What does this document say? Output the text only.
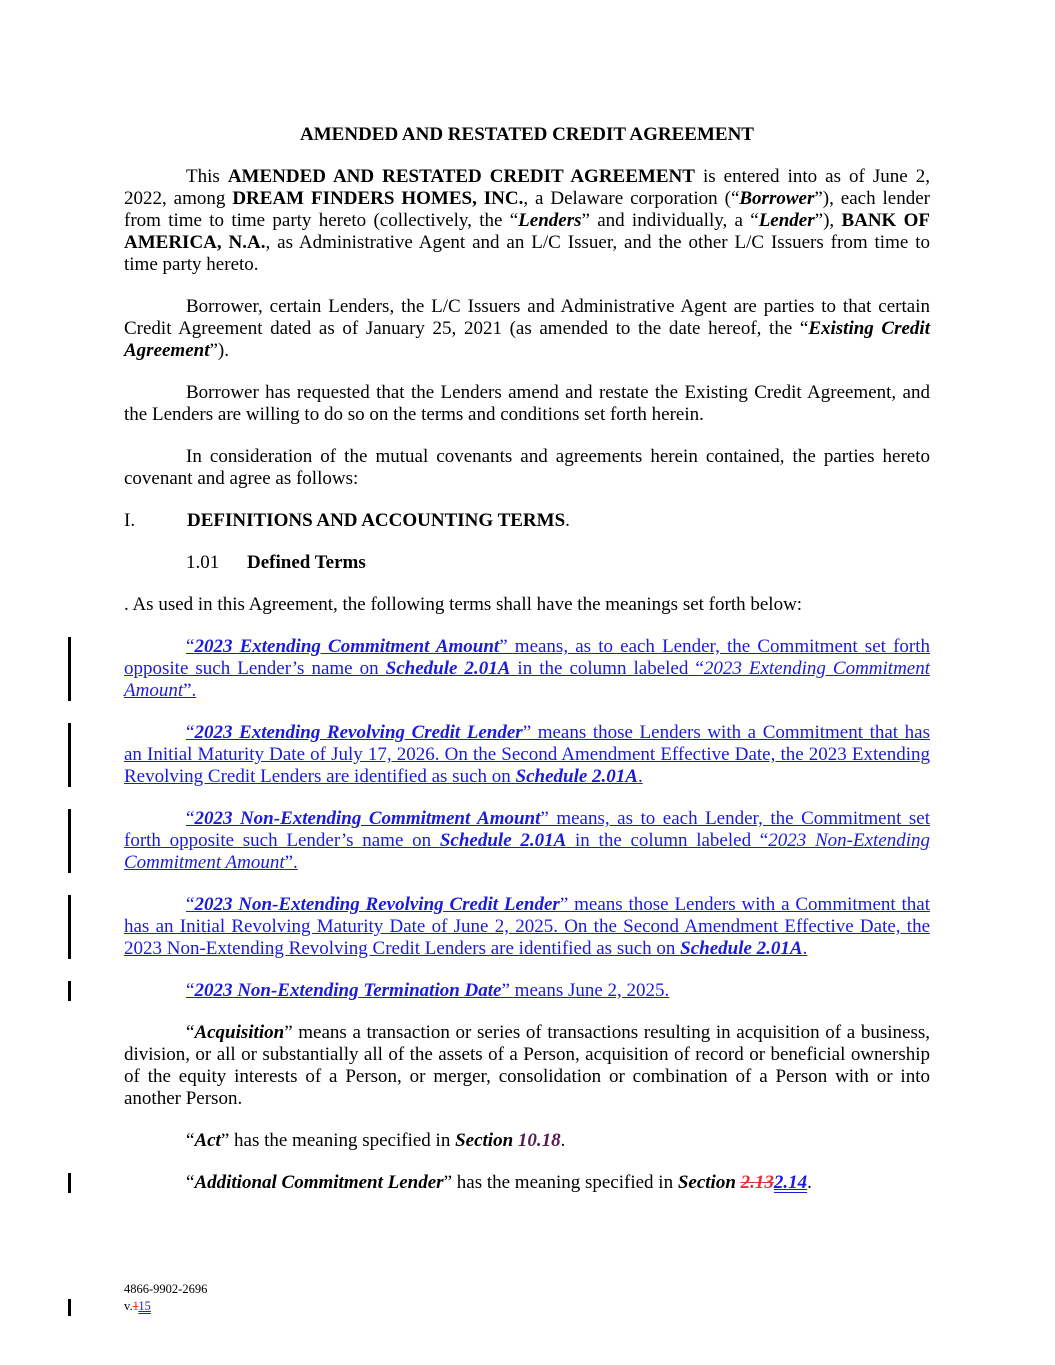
AMENDED AND RESTATED CREDIT AGREEMENT

This AMENDED AND RESTATED CREDIT AGREEMENT is entered into as of June 2, 2022, among DREAM FINDERS HOMES, INC., a Delaware corporation (“Borrower”), each lender from time to time party hereto (collectively, the “Lenders” and individually, a “Lender”), BANK OF AMERICA, N.A., as Administrative Agent and an L/C Issuer, and the other L/C Issuers from time to time party hereto.

Borrower, certain Lenders, the L/C Issuers and Administrative Agent are parties to that certain Credit Agreement dated as of January 25, 2021 (as amended to the date hereof, the “Existing Credit Agreement”).

Borrower has requested that the Lenders amend and restate the Existing Credit Agreement, and the Lenders are willing to do so on the terms and conditions set forth herein.

In consideration of the mutual covenants and agreements herein contained, the parties hereto covenant and agree as follows:

I.	DEFINITIONS AND ACCOUNTING TERMS.

1.01 Defined Terms

. As used in this Agreement, the following terms shall have the meanings set forth below:

“2023 Extending Commitment Amount” means, as to each Lender, the Commitment set forth opposite such Lender’s name on Schedule 2.01A in the column labeled “2023 Extending Commitment Amount”.

“2023 Extending Revolving Credit Lender” means those Lenders with a Commitment that has an Initial Maturity Date of July 17, 2026. On the Second Amendment Effective Date, the 2023 Extending Revolving Credit Lenders are identified as such on Schedule 2.01A.

“2023 Non-Extending Commitment Amount” means, as to each Lender, the Commitment set forth opposite such Lender’s name on Schedule 2.01A in the column labeled “2023 Non-Extending Commitment Amount”.

“2023 Non-Extending Revolving Credit Lender” means those Lenders with a Commitment that has an Initial Revolving Maturity Date of June 2, 2025. On the Second Amendment Effective Date, the 2023 Non-Extending Revolving Credit Lenders are identified as such on Schedule 2.01A.

“2023 Non-Extending Termination Date” means June 2, 2025.

“Acquisition” means a transaction or series of transactions resulting in acquisition of a business, division, or all or substantially all of the assets of a Person, acquisition of record or beneficial ownership of the equity interests of a Person, or merger, consolidation or combination of a Person with or into another Person.

“Act” has the meaning specified in Section 10.18.

“Additional Commitment Lender” has the meaning specified in Section 2.132.14.

4866-9902-2696
v.115
